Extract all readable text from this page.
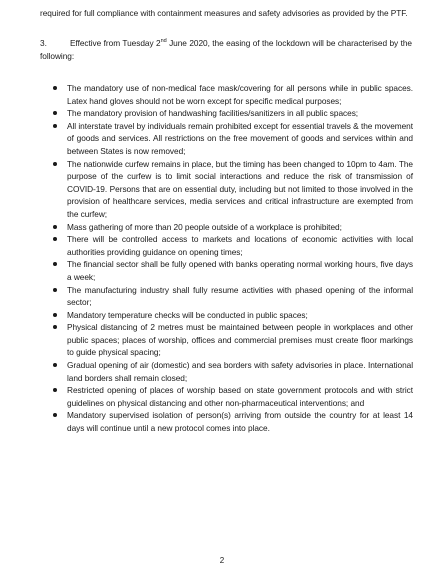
required for full compliance with containment measures and safety advisories as provided by the PTF.
3.	Effective from Tuesday 2nd June 2020, the easing of the lockdown will be characterised by the following:
The mandatory use of non-medical face mask/covering for all persons while in public spaces. Latex hand gloves should not be worn except for specific medical purposes;
The mandatory provision of handwashing facilities/sanitizers in all public spaces;
All interstate travel by individuals remain prohibited except for essential travels & the movement of goods and services. All restrictions on the free movement of goods and services within and between States is now removed;
The nationwide curfew remains in place, but the timing has been changed to 10pm to 4am. The purpose of the curfew is to limit social interactions and reduce the risk of transmission of COVID-19. Persons that are on essential duty, including but not limited to those involved in the provision of healthcare services, media services and critical infrastructure are exempted from the curfew;
Mass gathering of more than 20 people outside of a workplace is prohibited;
There will be controlled access to markets and locations of economic activities with local authorities providing guidance on opening times;
The financial sector shall be fully opened with banks operating normal working hours, five days a week;
The manufacturing industry shall fully resume activities with phased opening of the informal sector;
Mandatory temperature checks will be conducted in public spaces;
Physical distancing of 2 metres must be maintained between people in workplaces and other public spaces; places of worship, offices and commercial premises must create floor markings to guide physical spacing;
Gradual opening of air (domestic) and sea borders with safety advisories in place. International land borders shall remain closed;
Restricted opening of places of worship based on state government protocols and with strict guidelines on physical distancing and other non-pharmaceutical interventions; and
Mandatory supervised isolation of person(s) arriving from outside the country for at least 14 days will continue until a new protocol comes into place.
2
